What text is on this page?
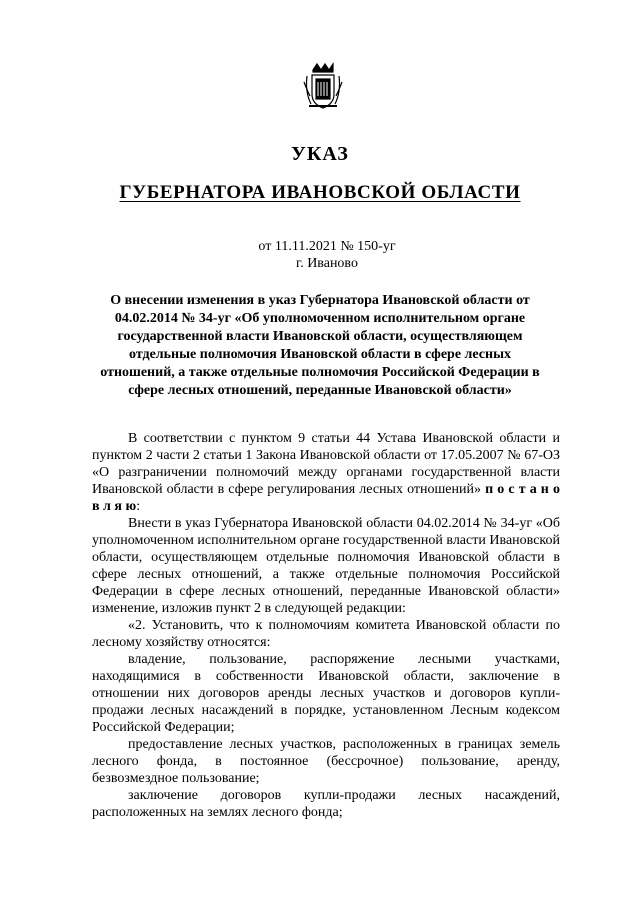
УКАЗ
ГУБЕРНАТОРА ИВАНОВСКОЙ ОБЛАСТИ
от 11.11.2021 № 150-уг
г. Иваново
О внесении изменения в указ Губернатора Ивановской области от 04.02.2014 № 34-уг «Об уполномоченном исполнительном органе государственной власти Ивановской области, осуществляющем отдельные полномочия Ивановской области в сфере лесных отношений, а также отдельные полномочия Российской Федерации в сфере лесных отношений, переданные Ивановской области»

В соответствии с пунктом 9 статьи 44 Устава Ивановской области и пунктом 2 части 2 статьи 1 Закона Ивановской области от 17.05.2007 № 67-ОЗ «О разграничении полномочий между органами государственной власти Ивановской области в сфере регулирования лесных отношений» п о с т а н о в л я ю:

Внести в указ Губернатора Ивановской области 04.02.2014 № 34-уг «Об уполномоченном исполнительном органе государственной власти Ивановской области, осуществляющем отдельные полномочия Ивановской области в сфере лесных отношений, а также отдельные полномочия Российской Федерации в сфере лесных отношений, переданные Ивановской области» изменение, изложив пункт 2 в следующей редакции:

«2. Установить, что к полномочиям комитета Ивановской области по лесному хозяйству относятся:

владение, пользование, распоряжение лесными участками, находящимися в собственности Ивановской области, заключение в отношении них договоров аренды лесных участков и договоров купли-продажи лесных насаждений в порядке, установленном Лесным кодексом Российской Федерации;

предоставление лесных участков, расположенных в границах земель лесного фонда, в постоянное (бессрочное) пользование, аренду, безвозмездное пользование;

заключение договоров купли-продажи лесных насаждений, расположенных на землях лесного фонда;
